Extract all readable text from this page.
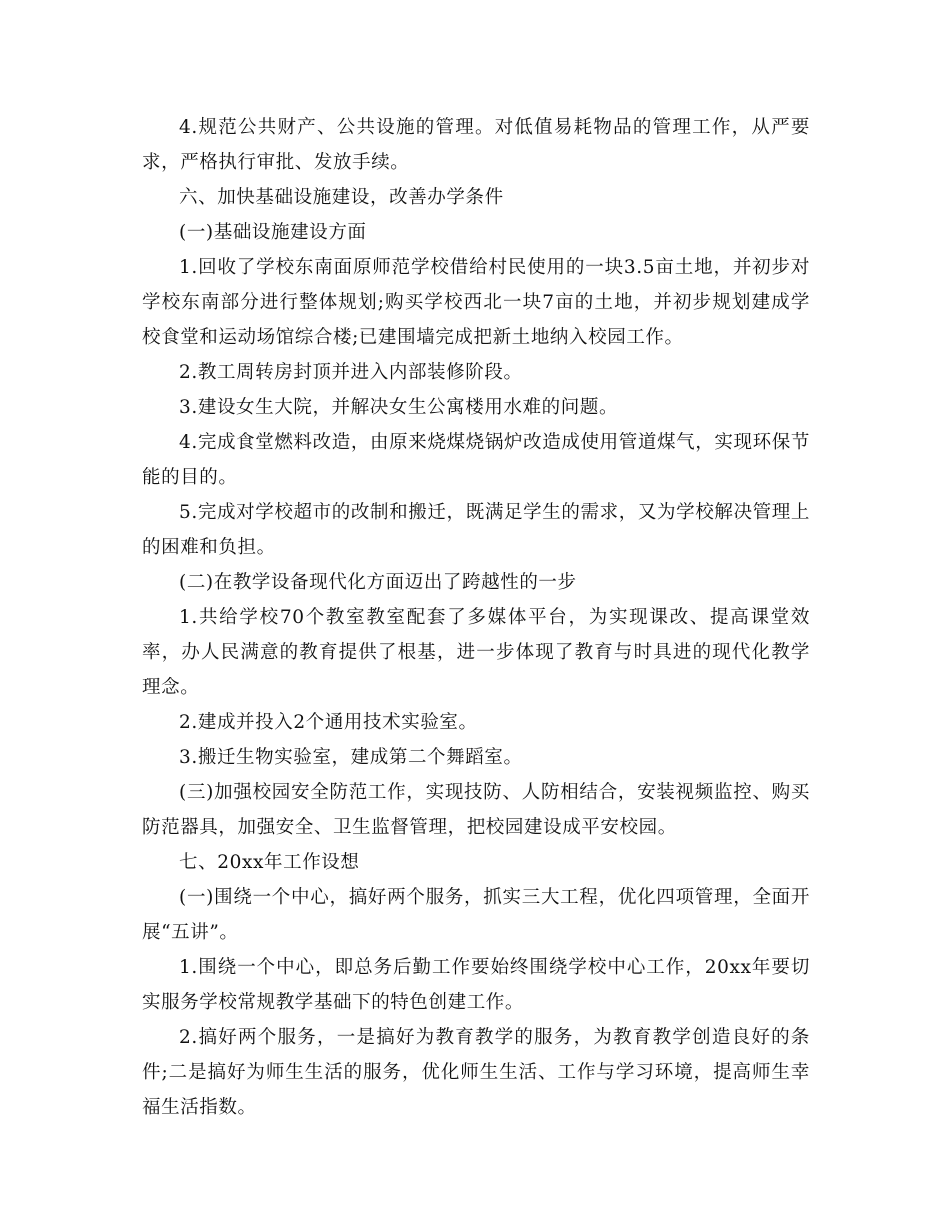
4.规范公共财产、公共设施的管理。对低值易耗物品的管理工作，从严要求，严格执行审批、发放手续。

六、加快基础设施建设，改善办学条件

(一)基础设施建设方面

1.回收了学校东南面原师范学校借给村民使用的一块3.5亩土地，并初步对学校东南部分进行整体规划;购买学校西北一块7亩的土地，并初步规划建成学校食堂和运动场馆综合楼;已建围墙完成把新土地纳入校园工作。

2.教工周转房封顶并进入内部装修阶段。

3.建设女生大院，并解决女生公寓楼用水难的问题。

4.完成食堂燃料改造，由原来烧煤烧锅炉改造成使用管道煤气，实现环保节能的目的。

5.完成对学校超市的改制和搬迁，既满足学生的需求，又为学校解决管理上的困难和负担。

(二)在教学设备现代化方面迈出了跨越性的一步

1.共给学校70个教室教室配套了多媒体平台，为实现课改、提高课堂效率，办人民满意的教育提供了根基，进一步体现了教育与时具进的现代化教学理念。

2.建成并投入2个通用技术实验室。

3.搬迁生物实验室，建成第二个舞蹈室。

(三)加强校园安全防范工作，实现技防、人防相结合，安装视频监控、购买防范器具，加强安全、卫生监督管理，把校园建设成平安校园。

七、20xx年工作设想

(一)围绕一个中心，搞好两个服务，抓实三大工程，优化四项管理，全面开展“五讲”。

1.围绕一个中心，即总务后勤工作要始终围绕学校中心工作，20xx年要切实服务学校常规教学基础下的特色创建工作。

2.搞好两个服务，一是搞好为教育教学的服务，为教育教学创造良好的条件;二是搞好为师生生活的服务，优化师生生活、工作与学习环境，提高师生幸福生活指数。
